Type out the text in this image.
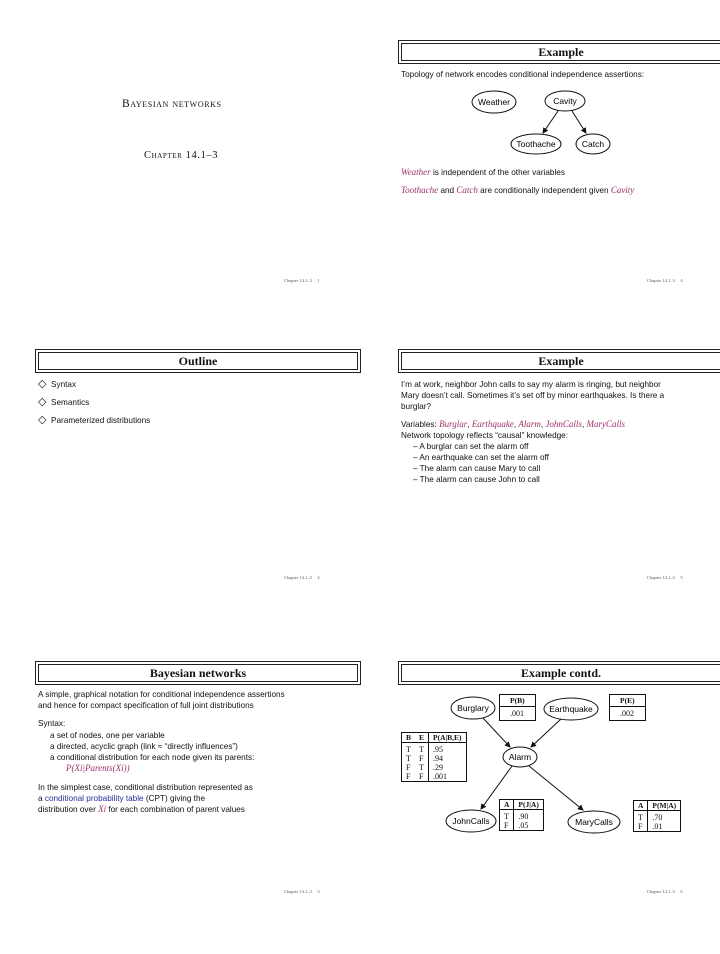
Bayesian networks
Chapter 14.1–3
Chapter 14.1–3 1
Example
Topology of network encodes conditional independence assertions:
Cavity
Weather
Toothache	Catch
Weather is independent of the other variables
Toothache and Catch are conditionally independent given Cavity
Chapter 14.1–3 4
Outline
◇ Syntax
◇ Semantics
◇ Parameterized distributions
Chapter 14.1–3 2
Example
I’m at work, neighbor John calls to say my alarm is ringing, but neighbor
Mary doesn’t call. Sometimes it’s set off by minor earthquakes. Is there a
burglar?
Variables: Burglar, Earthquake, Alarm, JohnCalls, MaryCalls
Network topology reflects “causal” knowledge:
– A burglar can set the alarm off
– An earthquake can set the alarm off
– The alarm can cause Mary to call
– The alarm can cause John to call
Chapter 14.1–3 5
Bayesian networks
A simple, graphical notation for conditional independence assertions
and hence for compact specification of full joint distributions
Syntax:
a set of nodes, one per variable
a directed, acyclic graph (link ≈ “directly influences”)
a conditional distribution for each node given its parents:
P(Xi|Parents(Xi))
In the simplest case, conditional distribution represented as
a conditional probability table (CPT) giving the
distribution over Xi for each combination of parent values
Chapter 14.1–3 3
Example contd.
Burglary	Earthquake
Alarm
JohnCalls	MaryCalls
P(B)
.001
P(E)
.002
B	E	P(A|B,E)
T	T	.95
T	F	.94
F	T	.29
F	F	.001
A	P(J|A)
T	.90
F	.05
A	P(M|A)
T	.70
F	.01
Chapter 14.1–3 6
